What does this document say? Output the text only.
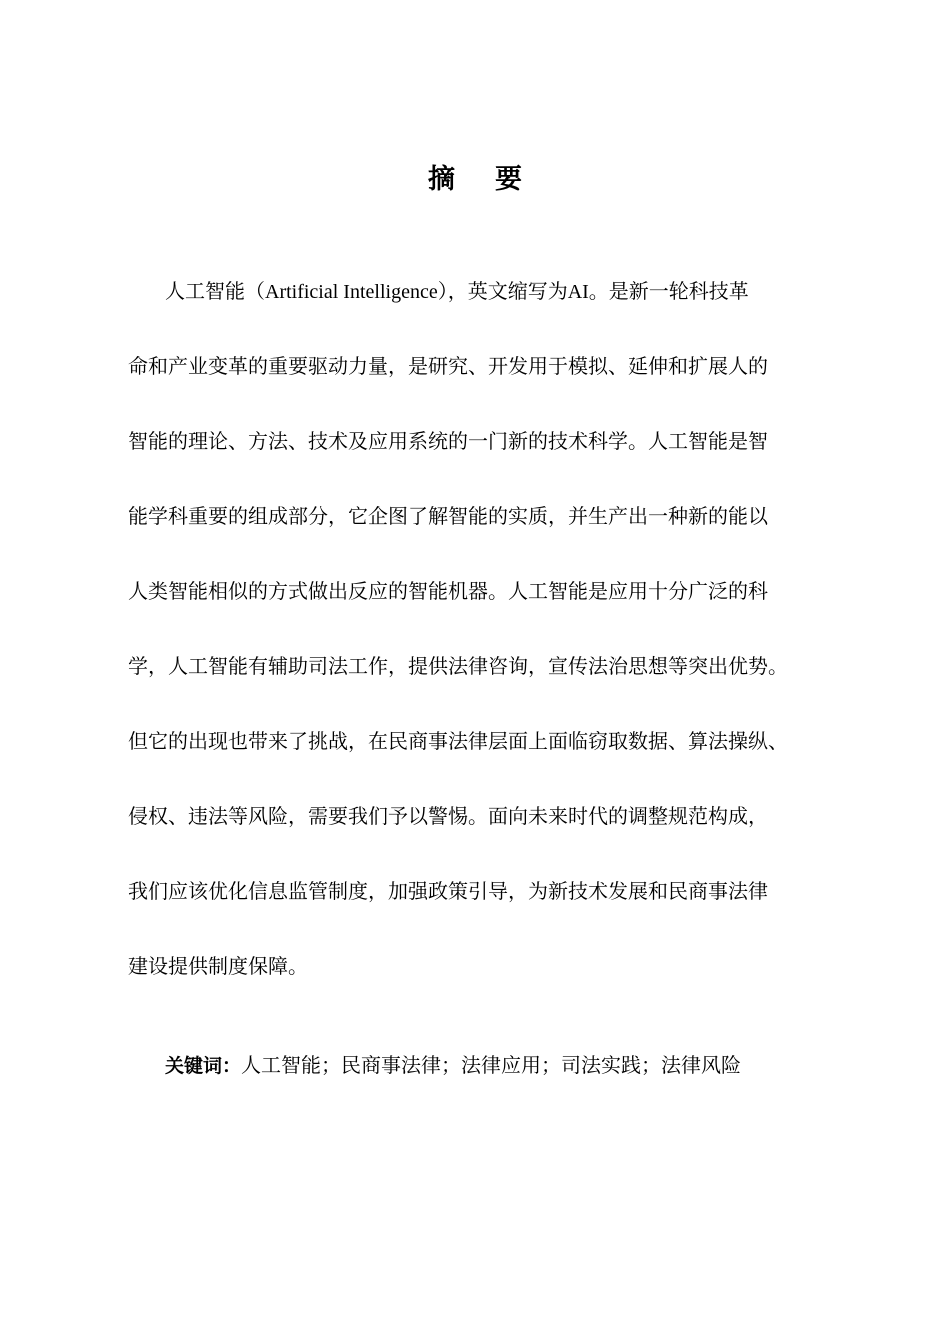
摘 要
人工智能（Artificial Intelligence），英文缩写为AI。是新一轮科技革
命和产业变革的重要驱动力量，是研究、开发用于模拟、延伸和扩展人的
智能的理论、方法、技术及应用系统的一门新的技术科学。人工智能是智
能学科重要的组成部分，它企图了解智能的实质，并生产出一种新的能以
人类智能相似的方式做出反应的智能机器。人工智能是应用十分广泛的科
学，人工智能有辅助司法工作，提供法律咨询，宣传法治思想等突出优势。
但它的出现也带来了挑战，在民商事法律层面上面临窃取数据、算法操纵、
侵权、违法等风险，需要我们予以警惕。面向未来时代的调整规范构成，
我们应该优化信息监管制度，加强政策引导，为新技术发展和民商事法律
建设提供制度保障。

关键词：人工智能；民商事法律；法律应用；司法实践；法律风险
